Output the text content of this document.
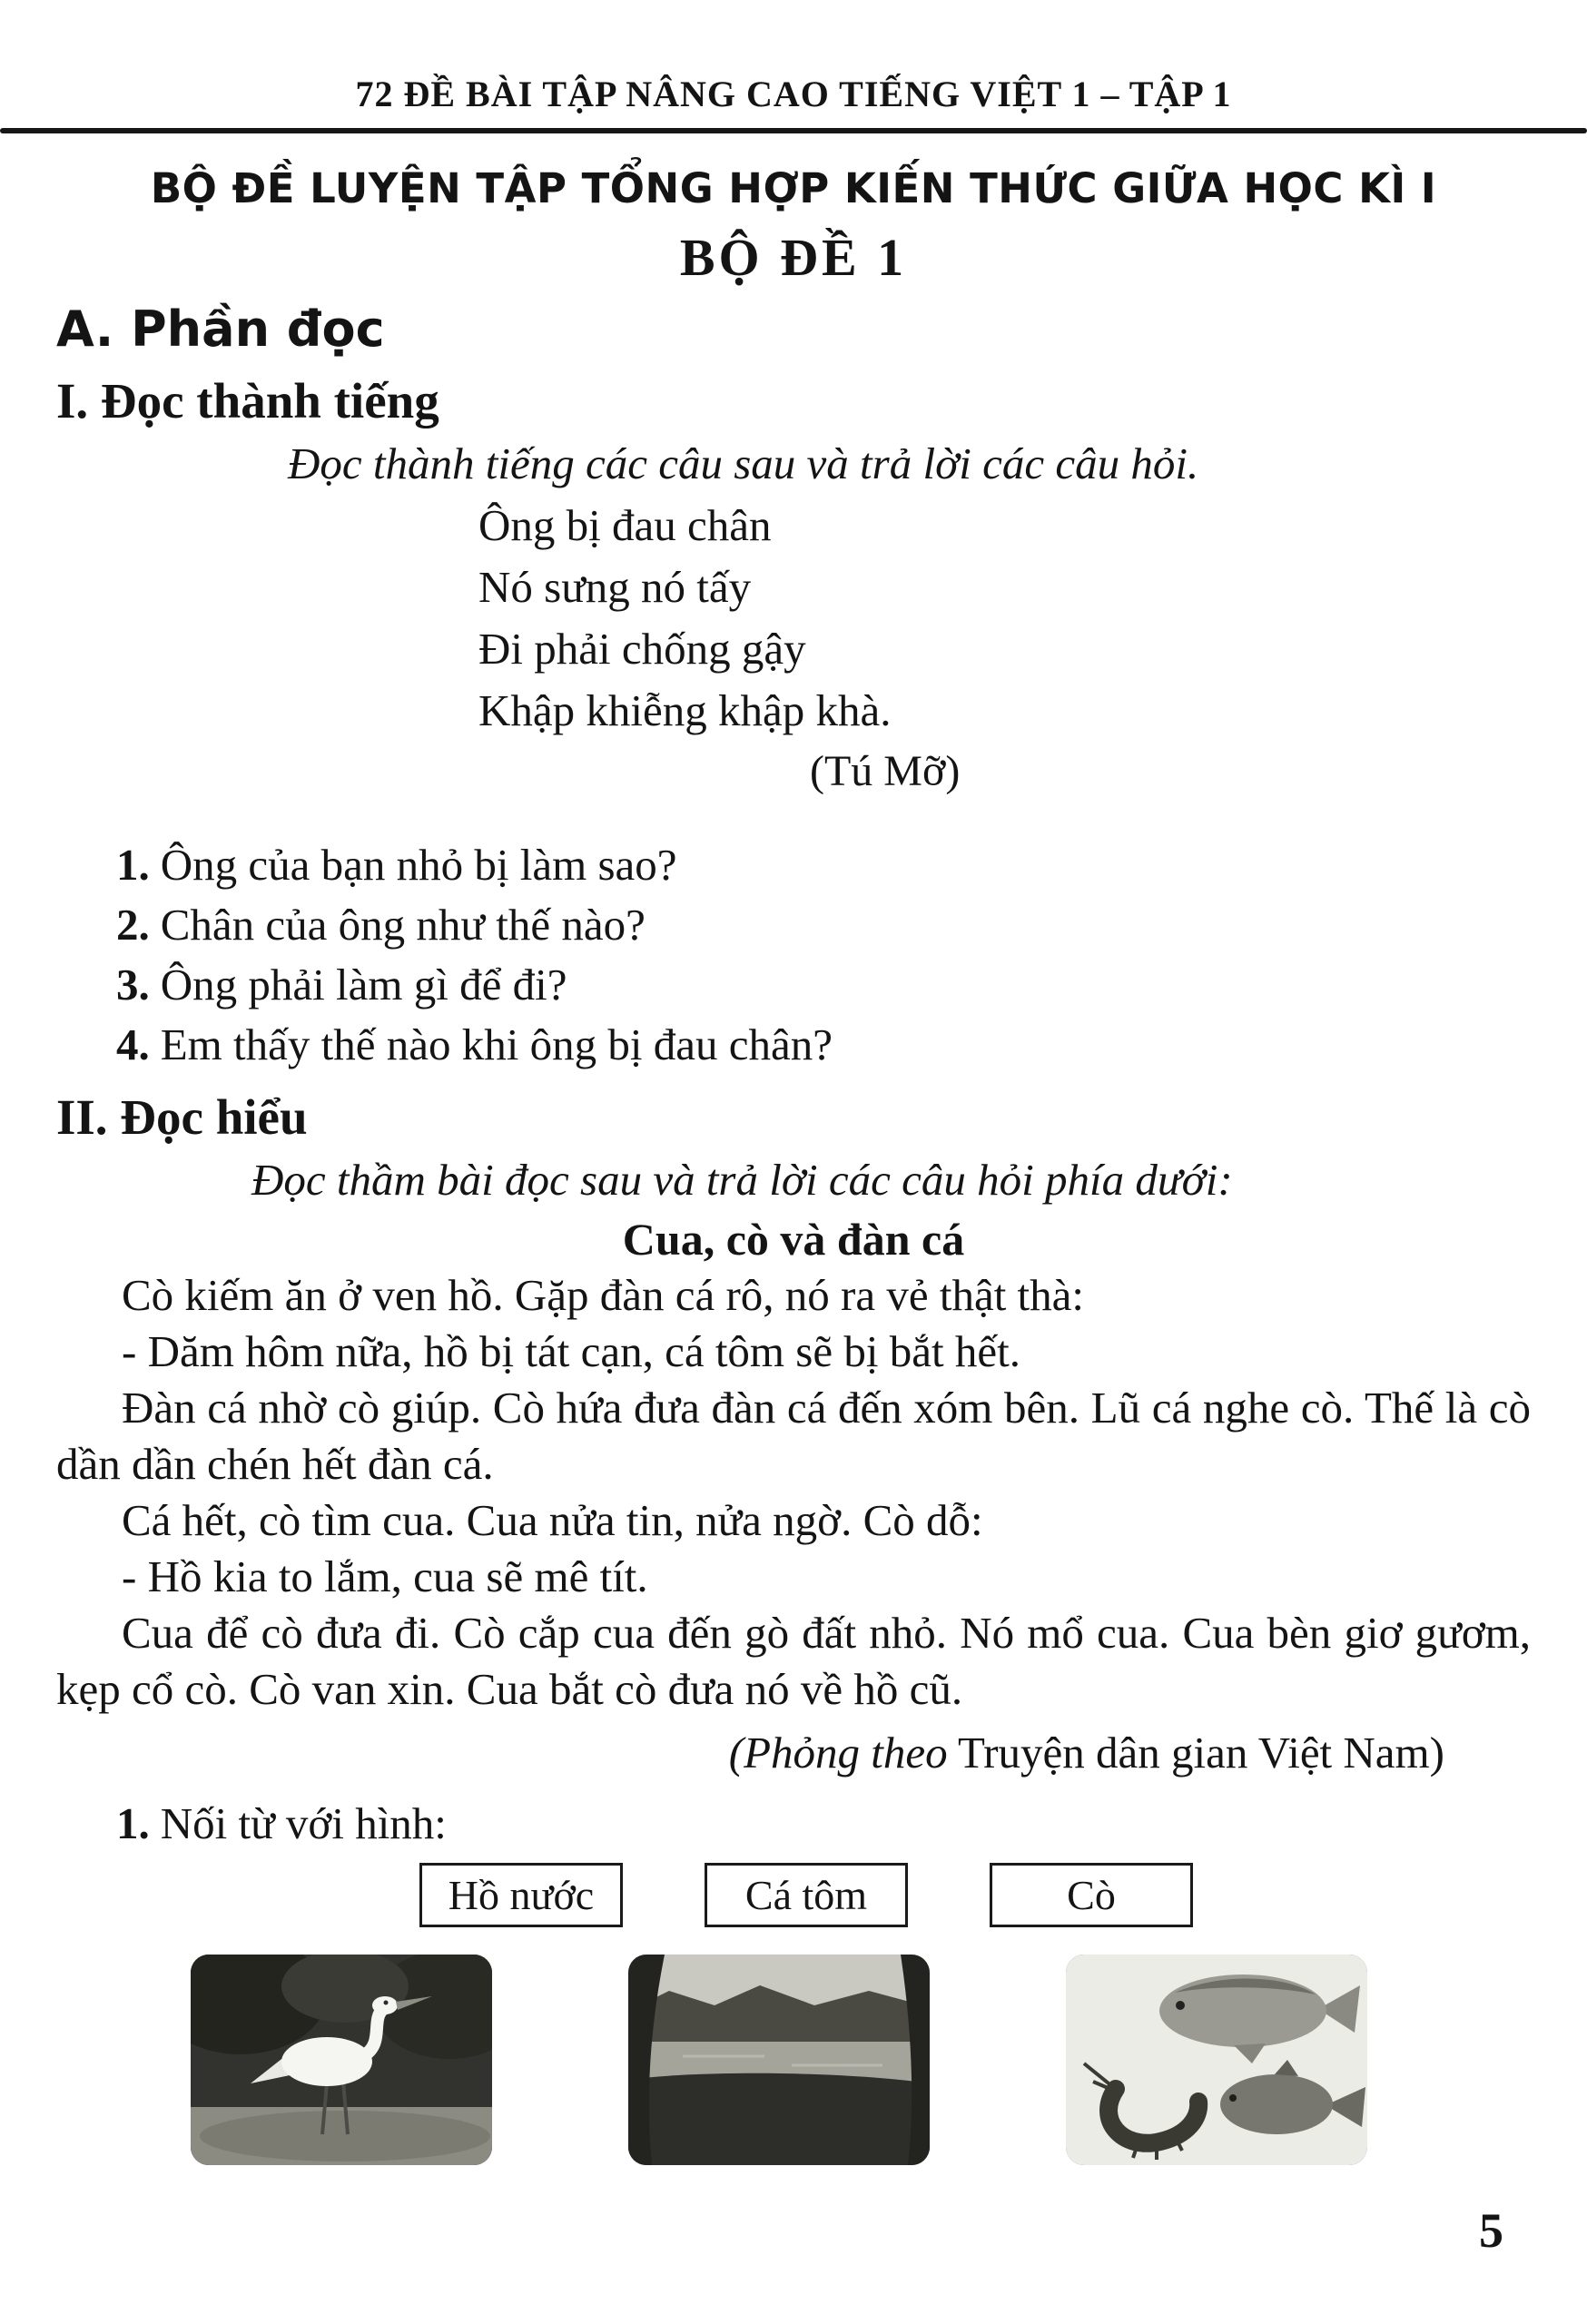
72 ĐỀ BÀI TẬP NÂNG CAO TIẾNG VIỆT 1 – TẬP 1
BỘ ĐỀ LUYỆN TẬP TỔNG HỢP KIẾN THỨC GIỮA HỌC KÌ I
BỘ ĐỀ 1
A. Phần đọc
I. Đọc thành tiếng
Đọc thành tiếng các câu sau và trả lời các câu hỏi.
Ông bị đau chân
Nó sưng nó tấy
Đi phải chống gậy
Khập khiễng khập khà.
(Tú Mỡ)
1. Ông của bạn nhỏ bị làm sao?
2. Chân của ông như thế nào?
3. Ông phải làm gì để đi?
4. Em thấy thế nào khi ông bị đau chân?
II. Đọc hiểu
Đọc thầm bài đọc sau và trả lời các câu hỏi phía dưới:
Cua, cò và đàn cá

Cò kiếm ăn ở ven hồ. Gặp đàn cá rô, nó ra vẻ thật thà:

- Dăm hôm nữa, hồ bị tát cạn, cá tôm sẽ bị bắt hết.

Đàn cá nhờ cò giúp. Cò hứa đưa đàn cá đến xóm bên. Lũ cá nghe cò. Thế là cò dần dần chén hết đàn cá.

Cá hết, cò tìm cua. Cua nửa tin, nửa ngờ. Cò dỗ:

- Hồ kia to lắm, cua sẽ mê tít.

Cua để cò đưa đi. Cò cắp cua đến gò đất nhỏ. Nó mổ cua. Cua bèn giơ gươm, kẹp cổ cò. Cò van xin. Cua bắt cò đưa nó về hồ cũ.

(Phỏng theo Truyện dân gian Việt Nam)
1. Nối từ với hình:
Hồ nước	Cá tôm	Cò
5
